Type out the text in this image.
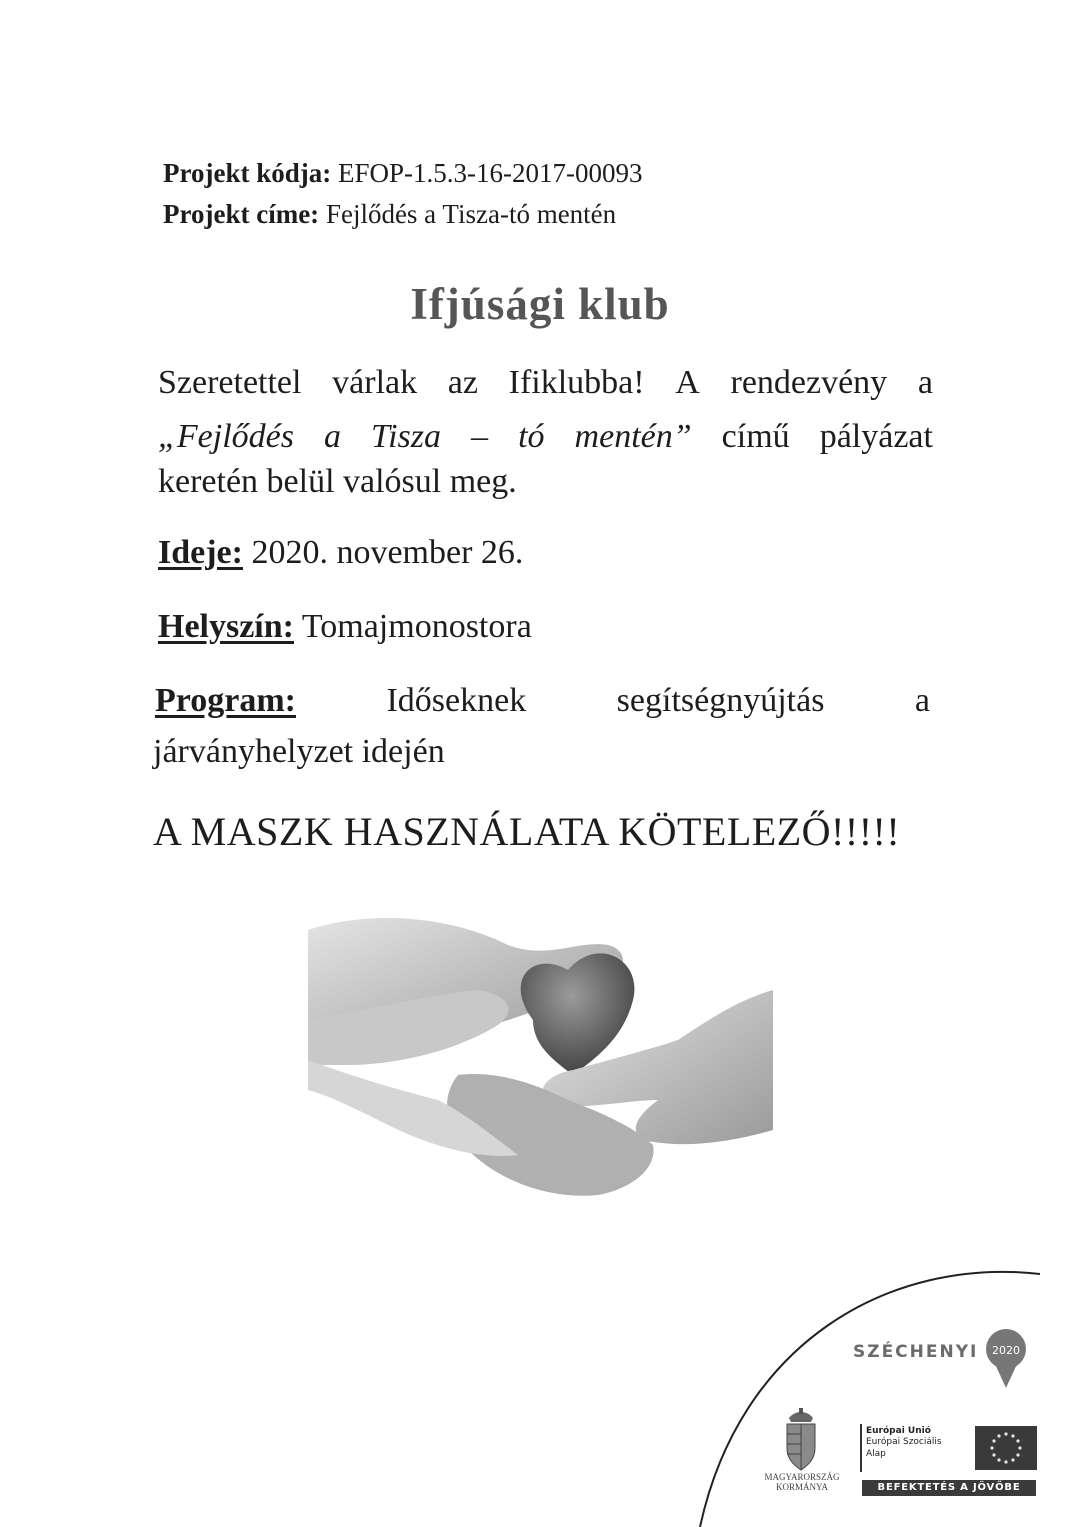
Projekt kódja: EFOP-1.5.3-16-2017-00093
Projekt címe: Fejlődés a Tisza-tó mentén
Ifjúsági klub
Szeretettel várlak az Ifiklubba! A rendezvény a
„Fejlődés a Tisza – tó mentén” című pályázat
keretén belül valósul meg.
Ideje: 2020. november 26.
Helyszín: Tomajmonostora
Program:	Időseknek	segítségnyújtás	a
járványhelyzet idején
A MASZK HASZNÁLATA KÖTELEZŐ!!!!!
SZÉCHENYI 2020
MAGYARORSZÁG
KORMÁNYA
Európai Unió
Európai Szociális
Alap
BEFEKTETÉS A JÖVŐBE
